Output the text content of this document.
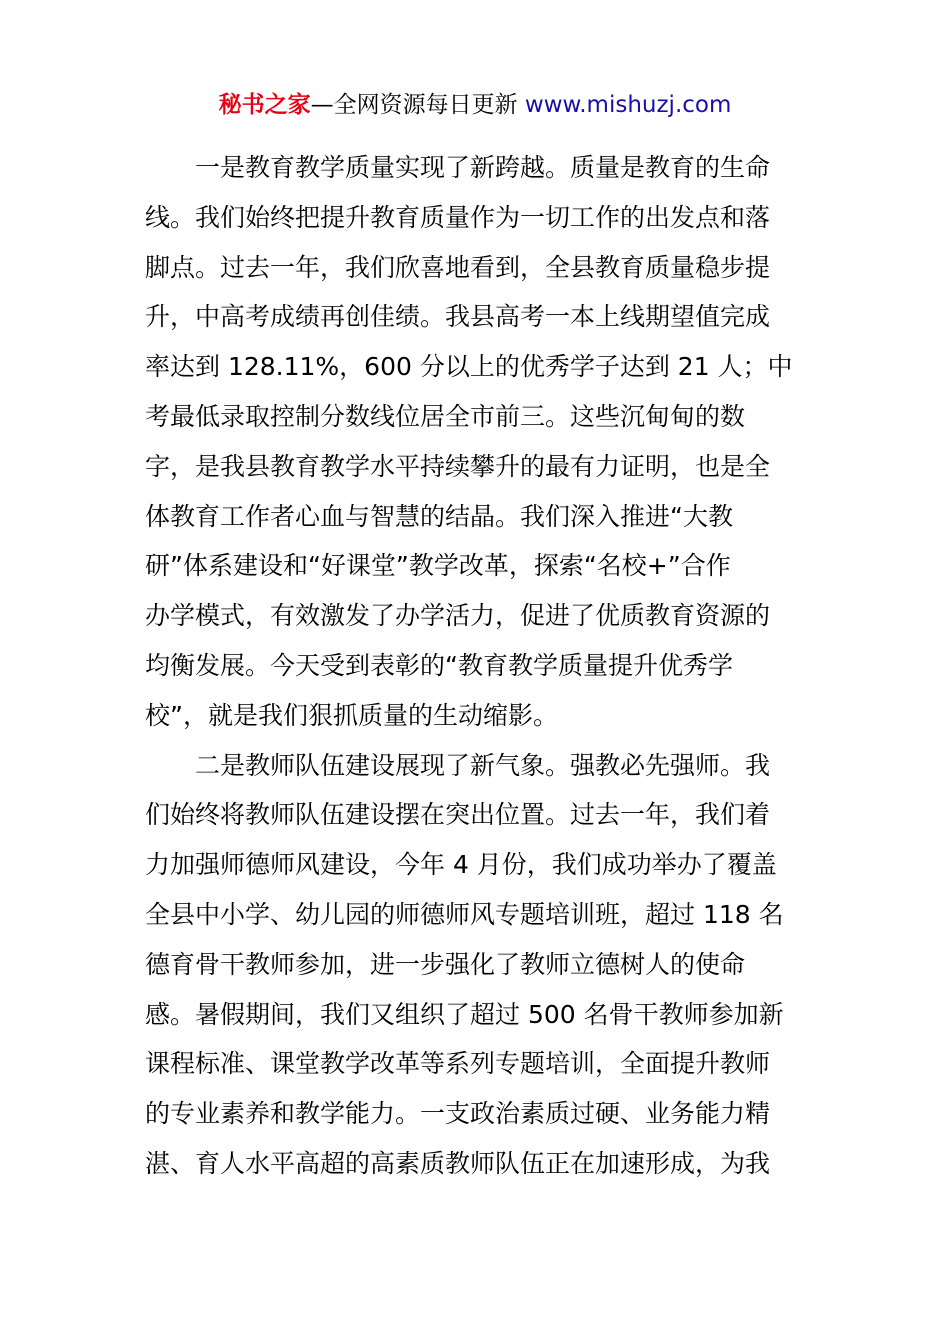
秘书之家—全网资源每日更新 www.mishuzj.com
一是教育教学质量实现了新跨越。质量是教育的生命
线。我们始终把提升教育质量作为一切工作的出发点和落
脚点。过去一年，我们欣喜地看到，全县教育质量稳步提
升，中高考成绩再创佳绩。我县高考一本上线期望值完成
率达到 128.11%，600 分以上的优秀学子达到 21 人；中
考最低录取控制分数线位居全市前三。这些沉甸甸的数
字，是我县教育教学水平持续攀升的最有力证明，也是全
体教育工作者心血与智慧的结晶。我们深入推进“大教
研”体系建设和“好课堂”教学改革，探索“名校+”合作
办学模式，有效激发了办学活力，促进了优质教育资源的
均衡发展。今天受到表彰的“教育教学质量提升优秀学
校”，就是我们狠抓质量的生动缩影。
二是教师队伍建设展现了新气象。强教必先强师。我
们始终将教师队伍建设摆在突出位置。过去一年，我们着
力加强师德师风建设，今年 4 月份，我们成功举办了覆盖
全县中小学、幼儿园的师德师风专题培训班，超过 118 名
德育骨干教师参加，进一步强化了教师立德树人的使命
感。暑假期间，我们又组织了超过 500 名骨干教师参加新
课程标准、课堂教学改革等系列专题培训，全面提升教师
的专业素养和教学能力。一支政治素质过硬、业务能力精
湛、育人水平高超的高素质教师队伍正在加速形成，为我
